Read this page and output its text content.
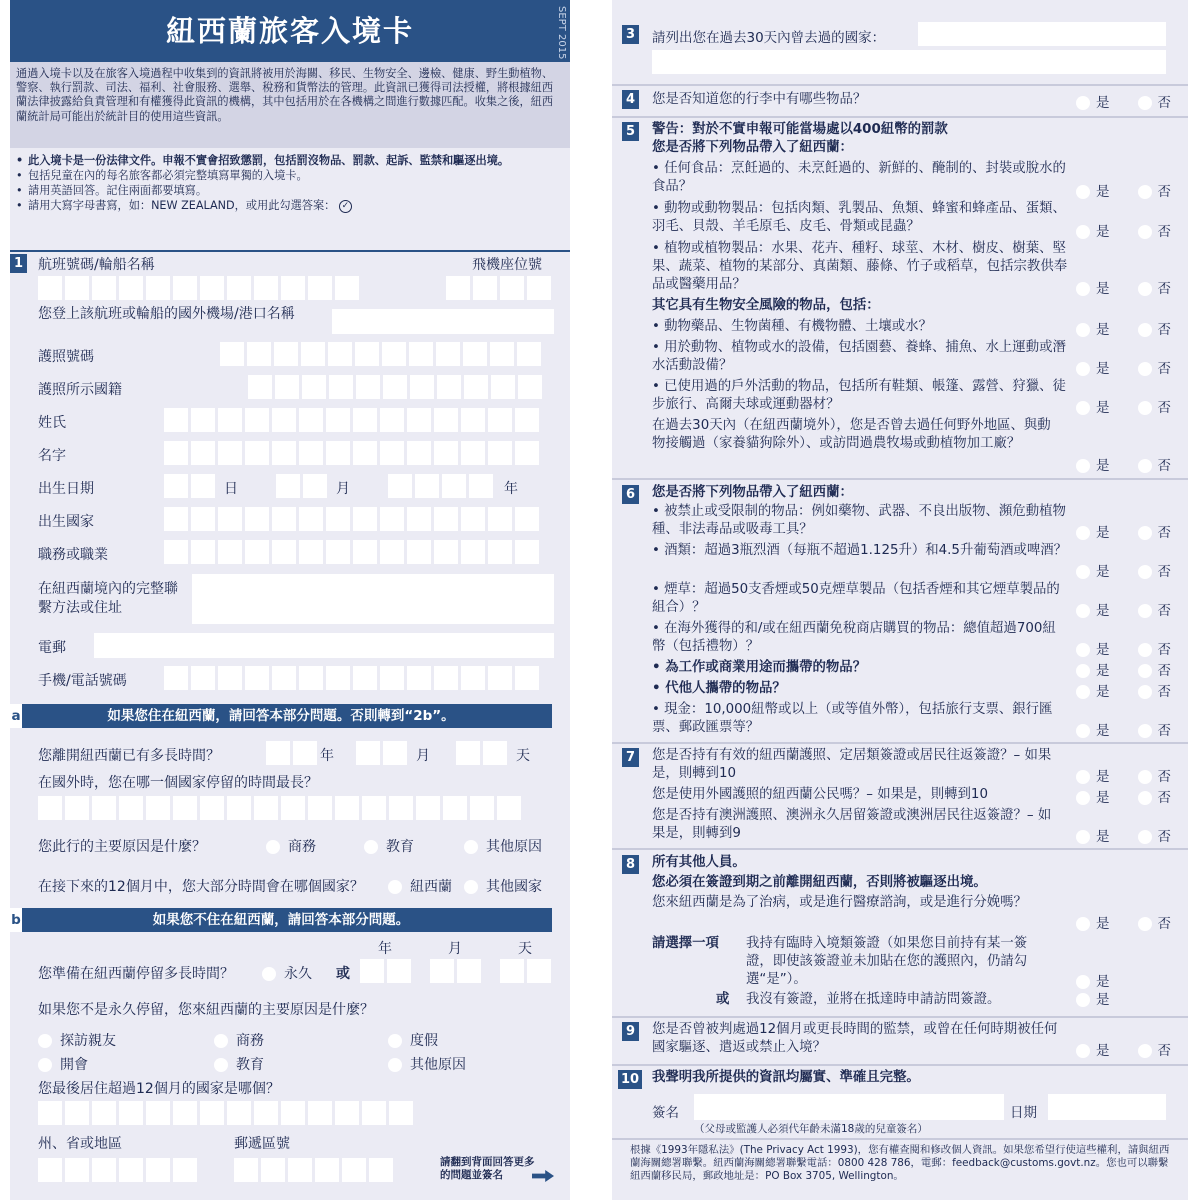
紐西蘭旅客入境卡	SEPT 2015
通過入境卡以及在旅客入境過程中收集到的資訊將被用於海關、移民、生物安全、邊檢、健康、野生動植物、警察、執行罰款、司法、福利、社會服務、選舉、稅務和貨幣法的管理。此資訊已獲得司法授權，將根據紐西蘭法律披露給負責管理和有權獲得此資訊的機構，其中包括用於在各機構之間進行數據匹配。收集之後，紐西蘭統計局可能出於統計目的使用這些資訊。
• 此入境卡是一份法律文件。申報不實會招致懲罰，包括罰沒物品、罰款、起訴、監禁和驅逐出境。
• 包括兒童在內的每名旅客都必須完整填寫單獨的入境卡。
• 請用英語回答。記住兩面都要填寫。
• 請用大寫字母書寫，如：NEW ZEALAND，或用此勾選答案： ✓
1 航班號碼/輪船名稱	飛機座位號
您登上該航班或輪船的國外機場/港口名稱
護照號碼
護照所示國籍
姓氏
名字
出生日期	日	月	年
出生國家
職務或職業
在紐西蘭境內的完整聯繫方法或住址
電郵
手機/電話號碼
a	如果您住在紐西蘭，請回答本部分問題。否則轉到“2b”。
您離開紐西蘭已有多長時間？	年	月	天
在國外時，您在哪一個國家停留的時間最長？
您此行的主要原因是什麼？	商務	教育	其他原因
在接下來的12個月中，您大部分時間會在哪個國家？	紐西蘭	其他國家
b	如果您不住在紐西蘭，請回答本部分問題。
年	月	天
您準備在紐西蘭停留多長時間？	永久 或
如果您不是永久停留，您來紐西蘭的主要原因是什麼？
探訪親友	商務	度假
開會	教育	其他原因
您最後居住超過12個月的國家是哪個？
州、省或地區	郵遞區號
請翻到背面回答更多的問題並簽名
3 請列出您在過去30天內曾去過的國家：
4 您是否知道您的行李中有哪些物品？	是	否
5 警告：對於不實申報可能當場處以400紐幣的罰款
您是否將下列物品帶入了紐西蘭：
• 任何食品：烹飪過的、未烹飪過的、新鮮的、醃制的、封裝或脫水的食品？	是	否
• 動物或動物製品：包括肉類、乳製品、魚類、蜂蜜和蜂產品、蛋類、羽毛、貝殼、羊毛原毛、皮毛、骨類或昆蟲？	是	否
• 植物或植物製品：水果、花卉、種籽、球莖、木材、樹皮、樹葉、堅果、蔬菜、植物的某部分、真菌類、藤條、竹子或稻草，包括宗教供奉品或醫藥用品？	是	否
其它具有生物安全風險的物品，包括：
• 動物藥品、生物菌種、有機物體、土壤或水？	是	否
• 用於動物、植物或水的設備，包括園藝、養蜂、捕魚、水上運動或潛水活動設備？	是	否
• 已使用過的戶外活動的物品，包括所有鞋類、帳篷、露營、狩獵、徒步旅行、高爾夫球或運動器材？	是	否
在過去30天內（在紐西蘭境外），您是否曾去過任何野外地區、與動物接觸過（家養貓狗除外）、或訪問過農牧場或動植物加工廠？
是	否
6 您是否將下列物品帶入了紐西蘭：
• 被禁止或受限制的物品：例如藥物、武器、不良出版物、瀕危動植物種、非法毒品或吸毒工具？	是	否
• 酒類：超過3瓶烈酒（每瓶不超過1.125升）和4.5升葡萄酒或啤酒？
是	否
• 煙草：超過50支香煙或50克煙草製品（包括香煙和其它煙草製品的組合）？	是	否
• 在海外獲得的和/或在紐西蘭免稅商店購買的物品：總值超過700紐幣（包括禮物）？	是	否
• 為工作或商業用途而攜帶的物品？	是	否
• 代他人攜帶的物品？	是	否
• 現金：10,000紐幣或以上（或等值外幣），包括旅行支票、銀行匯票、郵政匯票等？	是	否
7 您是否持有有效的紐西蘭護照、定居類簽證或居民往返簽證？– 如果是，則轉到10	是	否
您是使用外國護照的紐西蘭公民嗎？– 如果是，則轉到10	是	否
您是否持有澳洲護照、澳洲永久居留簽證或澳洲居民往返簽證？– 如果是，則轉到9	是	否
8 所有其他人員。
您必須在簽證到期之前離開紐西蘭，否則將被驅逐出境。
您來紐西蘭是為了治病，或是進行醫療諮詢，或是進行分娩嗎？
是	否
請選擇一項	我持有臨時入境類簽證（如果您目前持有某一簽證，即使該簽證並未加貼在您的護照內，仍請勾選“是”）。	是
或	我沒有簽證，並將在抵達時申請訪問簽證。	是
9 您是否曾被判處過12個月或更長時間的監禁，或曾在任何時期被任何國家驅逐、遣返或禁止入境？	是	否
10 我聲明我所提供的資訊均屬實、準確且完整。
簽名	日期
（父母或監護人必須代年齡未滿18歲的兒童簽名）
根據《1993年隱私法》(The Privacy Act 1993)，您有權查閱和修改個人資訊。如果您希望行使這些權利，請與紐西蘭海關總署聯繫。紐西蘭海關總署聯繫電話：0800 428 786，電郵：feedback@customs.govt.nz。您也可以聯繫紐西蘭移民局，郵政地址是：PO Box 3705, Wellington。
